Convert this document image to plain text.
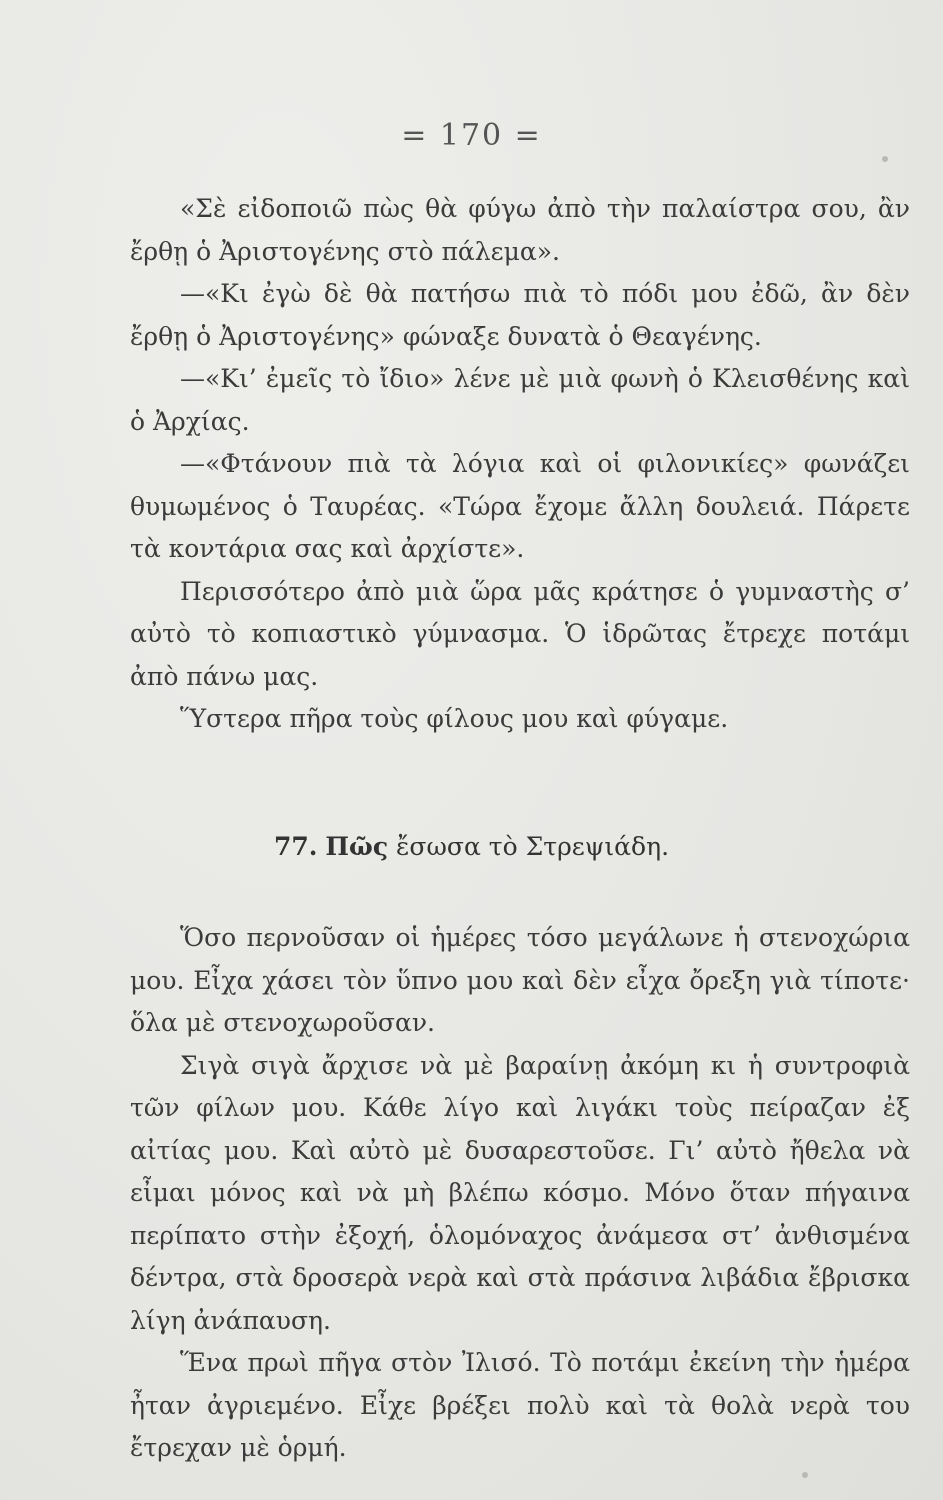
= 170 =

«Σὲ εἰδοποιῶ πὼς θὰ φύγω ἀπὸ τὴν παλαίστρα σου, ἂν ἔρθῃ ὁ Ἀριστογένης στὸ πάλεμα».

—«Κι ἐγὼ δὲ θὰ πατήσω πιὰ τὸ πόδι μου ἐδῶ, ἂν δὲν ἔρθῃ ὁ Ἀριστογένης» φώναξε δυνατὰ ὁ Θεαγένης.

—«Κι’ ἐμεῖς τὸ ἴδιο» λένε μὲ μιὰ φωνὴ ὁ Κλεισθένης καὶ ὁ Ἀρχίας.

—«Φτάνουν πιὰ τὰ λόγια καὶ οἱ φιλονικίες» φωνάζει θυμωμένος ὁ Ταυρέας. «Τώρα ἔχομε ἄλλη δουλειά. Πάρετε τὰ κοντάρια σας καὶ ἀρχίστε».

Περισσότερο ἀπὸ μιὰ ὥρα μᾶς κράτησε ὁ γυμναστὴς σ’ αὐτὸ τὸ κοπιαστικὸ γύμνασμα. Ὁ ἱδρῶτας ἔτρεχε ποτάμι ἀπὸ πάνω μας.

Ὕστερα πῆρα τοὺς φίλους μου καὶ φύγαμε.

77. Πῶς ἔσωσα τὸ Στρεψιάδη.

Ὅσο περνοῦσαν οἱ ἡμέρες τόσο μεγάλωνε ἡ στενοχώρια μου. Εἶχα χάσει τὸν ὕπνο μου καὶ δὲν εἶχα ὄρεξη γιὰ τίποτε· ὅλα μὲ στενοχωροῦσαν.

Σιγὰ σιγὰ ἄρχισε νὰ μὲ βαραίνῃ ἀκόμη κι ἡ συντροφιὰ τῶν φίλων μου. Κάθε λίγο καὶ λιγάκι τοὺς πείραζαν ἐξ αἰτίας μου. Καὶ αὐτὸ μὲ δυσαρεστοῦσε. Γι’ αὐτὸ ἤθελα νὰ εἶμαι μόνος καὶ νὰ μὴ βλέπω κόσμο. Μόνο ὅταν πήγαινα περίπατο στὴν ἐξοχή, ὁλομόναχος ἀνάμεσα στ’ ἀνθισμένα δέντρα, στὰ δροσερὰ νερὰ καὶ στὰ πράσινα λιβάδια ἔβρισκα λίγη ἀνάπαυση.

Ἕνα πρωὶ πῆγα στὸν Ἰλισό. Τὸ ποτάμι ἐκείνη τὴν ἡμέρα ἦταν ἀγριεμένο. Εἶχε βρέξει πολὺ καὶ τὰ θολὰ νερὰ του ἔτρεχαν μὲ ὁρμή.
